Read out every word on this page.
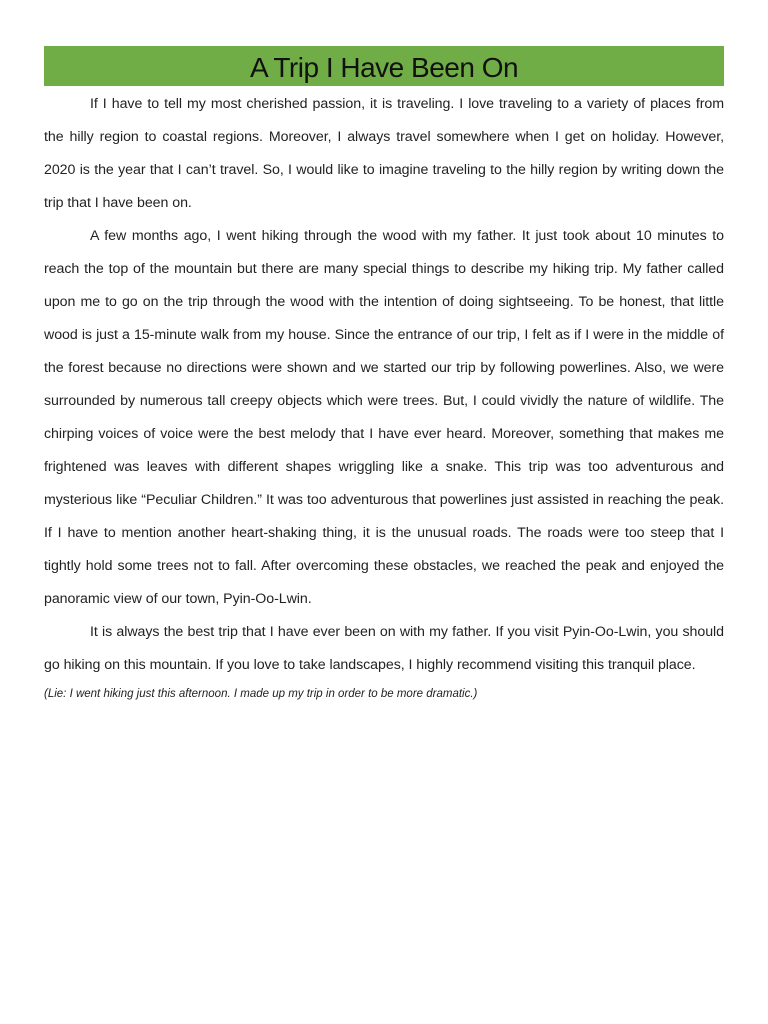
A Trip I Have Been On

If I have to tell my most cherished passion, it is traveling. I love traveling to a variety of places from the hilly region to coastal regions. Moreover, I always travel somewhere when I get on holiday. However, 2020 is the year that I can’t travel. So, I would like to imagine traveling to the hilly region by writing down the trip that I have been on.

A few months ago, I went hiking through the wood with my father. It just took about 10 minutes to reach the top of the mountain but there are many special things to describe my hiking trip. My father called upon me to go on the trip through the wood with the intention of doing sightseeing. To be honest, that little wood is just a 15-minute walk from my house. Since the entrance of our trip, I felt as if I were in the middle of the forest because no directions were shown and we started our trip by following powerlines. Also, we were surrounded by numerous tall creepy objects which were trees. But, I could vividly the nature of wildlife. The chirping voices of voice were the best melody that I have ever heard. Moreover, something that makes me frightened was leaves with different shapes wriggling like a snake. This trip was too adventurous and mysterious like “Peculiar Children.” It was too adventurous that powerlines just assisted in reaching the peak. If I have to mention another heart-shaking thing, it is the unusual roads. The roads were too steep that I tightly hold some trees not to fall. After overcoming these obstacles, we reached the peak and enjoyed the panoramic view of our town, Pyin-Oo-Lwin.

It is always the best trip that I have ever been on with my father. If you visit Pyin-Oo-Lwin, you should go hiking on this mountain. If you love to take landscapes, I highly recommend visiting this tranquil place.

(Lie: I went hiking just this afternoon. I made up my trip in order to be more dramatic.)
